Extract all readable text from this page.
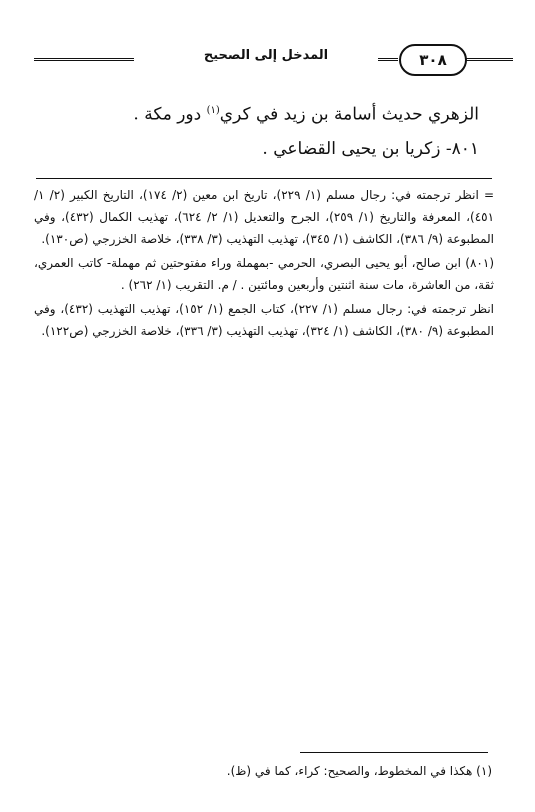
المدخل إلى الصحيح	٣٠٨

الزهري حديث أسامة بن زيد في كري$^{(١)}$ دور مكة .

٨٠١- زكريا بن يحيى القضاعي .

= انظر ترجمته في: رجال مسلم (١/ ٢٢٩)، تاريخ ابن معين (٢/ ١٧٤)، التاريخ الكبير (٢/ ١/ ٤٥١)، المعرفة والتاريخ (١/ ٢٥٩)، الجرح والتعديل (١/ ٢/ ٦٢٤)، تهذيب الكمال (٤٣٢)، وفي المطبوعة (٩/ ٣٨٦)، الكاشف (١/ ٣٤٥)، تهذيب التهذيب (٣/ ٣٣٨)، خلاصة الخزرجي (ص١٣٠).

(٨٠١) ابن صالح، أبو يحيى البصري، الحرمي -بمهملة وراء مفتوحتين ثم مهملة- كاتب العمري، ثقة، من العاشرة، مات سنة اثنتين وأربعين ومائتين . / م. التقريب (١/ ٢٦٢) .

انظر ترجمته في: رجال مسلم (١/ ٢٢٧)، كتاب الجمع (١/ ١٥٢)، تهذيب التهذيب (٤٣٢)، وفي المطبوعة (٩/ ٣٨٠)، الكاشف (١/ ٣٢٤)، تهذيب التهذيب (٣/ ٣٣٦)، خلاصة الخزرجي (ص١٢٢).

(١) هكذا في المخطوط، والصحيح: كراء، كما في (ظ).
